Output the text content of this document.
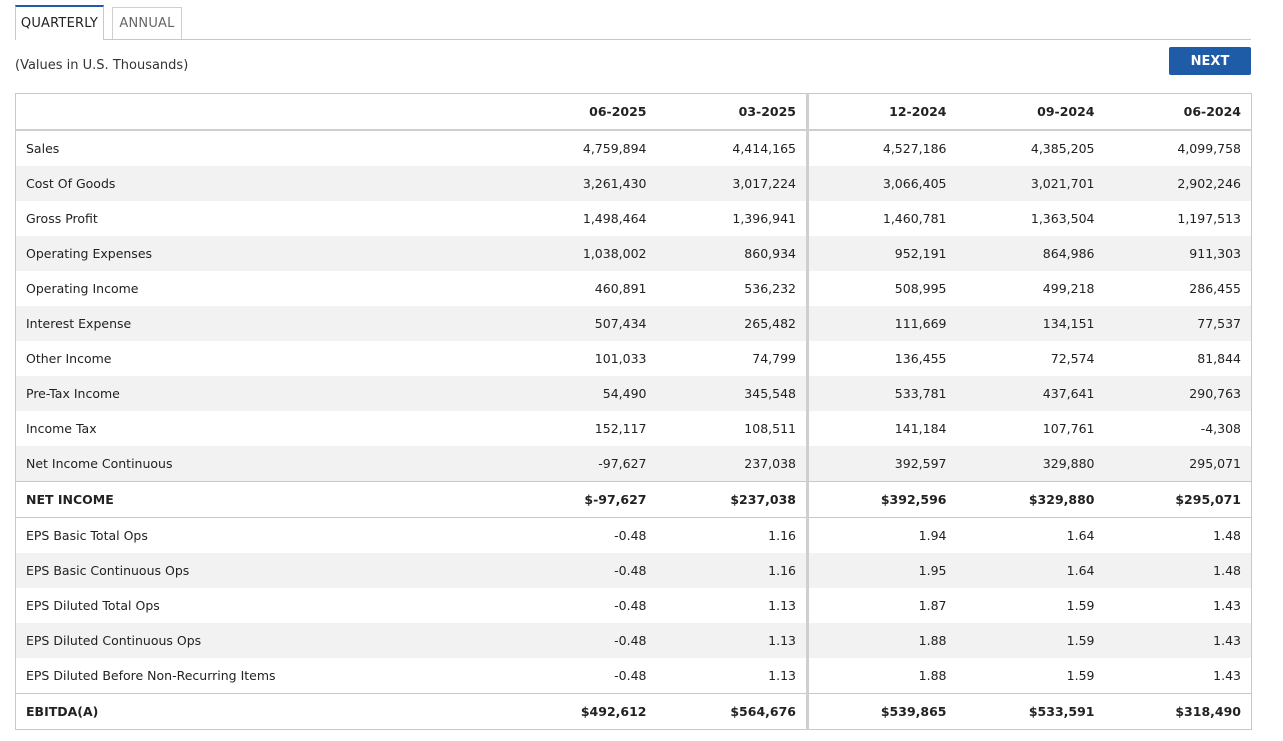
QUARTERLY	ANNUAL
(Values in U.S. Thousands)	NEXT
	06-2025	03-2025	12-2024	09-2024	06-2024
Sales	4,759,894	4,414,165	4,527,186	4,385,205	4,099,758
Cost Of Goods	3,261,430	3,017,224	3,066,405	3,021,701	2,902,246
Gross Profit	1,498,464	1,396,941	1,460,781	1,363,504	1,197,513
Operating Expenses	1,038,002	860,934	952,191	864,986	911,303
Operating Income	460,891	536,232	508,995	499,218	286,455
Interest Expense	507,434	265,482	111,669	134,151	77,537
Other Income	101,033	74,799	136,455	72,574	81,844
Pre-Tax Income	54,490	345,548	533,781	437,641	290,763
Income Tax	152,117	108,511	141,184	107,761	-4,308
Net Income Continuous	-97,627	237,038	392,597	329,880	295,071
NET INCOME	$-97,627	$237,038	$392,596	$329,880	$295,071
EPS Basic Total Ops	-0.48	1.16	1.94	1.64	1.48
EPS Basic Continuous Ops	-0.48	1.16	1.95	1.64	1.48
EPS Diluted Total Ops	-0.48	1.13	1.87	1.59	1.43
EPS Diluted Continuous Ops	-0.48	1.13	1.88	1.59	1.43
EPS Diluted Before Non-Recurring Items	-0.48	1.13	1.88	1.59	1.43
EBITDA(A)	$492,612	$564,676	$539,865	$533,591	$318,490
